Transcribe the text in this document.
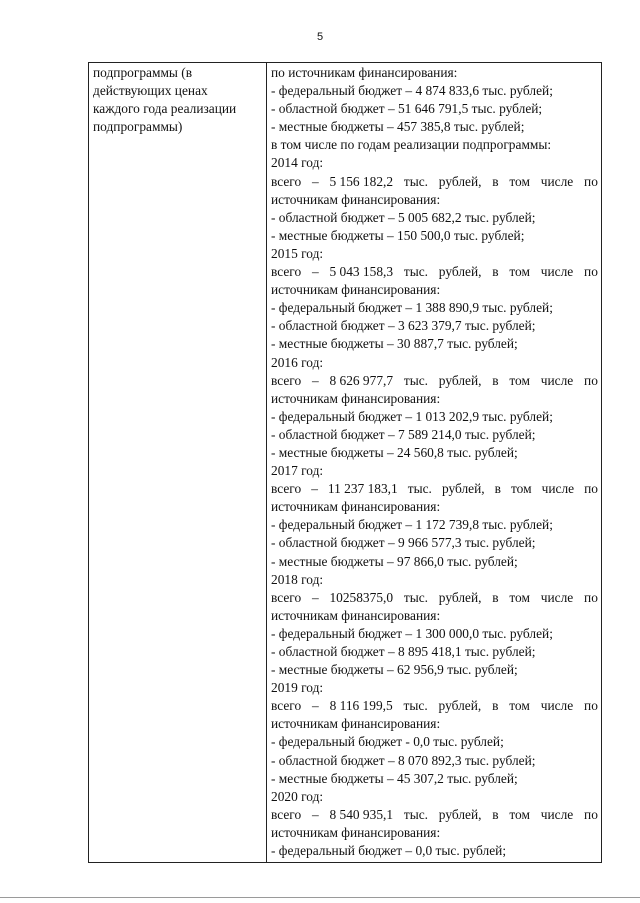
5
подпрограммы (в
действующих ценах
каждого года реализации
подпрограммы)

по источникам финансирования:
- федеральный бюджет – 4 874 833,6 тыс. рублей;
- областной бюджет – 51 646 791,5 тыс. рублей;
- местные бюджеты – 457 385,8 тыс. рублей;
в том числе по годам реализации подпрограммы:
2014 год:
всего – 5 156 182,2 тыс. рублей, в том числе по
источникам финансирования:
- областной бюджет – 5 005 682,2 тыс. рублей;
- местные бюджеты – 150 500,0 тыс. рублей;
2015 год:
всего – 5 043 158,3 тыс. рублей, в том числе по
источникам финансирования:
- федеральный бюджет – 1 388 890,9 тыс. рублей;
- областной бюджет – 3 623 379,7 тыс. рублей;
- местные бюджеты – 30 887,7 тыс. рублей;
2016 год:
всего – 8 626 977,7 тыс. рублей, в том числе по
источникам финансирования:
- федеральный бюджет – 1 013 202,9 тыс. рублей;
- областной бюджет – 7 589 214,0 тыс. рублей;
- местные бюджеты – 24 560,8 тыс. рублей;
2017 год:
всего – 11 237 183,1 тыс. рублей, в том числе по
источникам финансирования:
- федеральный бюджет – 1 172 739,8 тыс. рублей;
- областной бюджет – 9 966 577,3 тыс. рублей;
- местные бюджеты – 97 866,0 тыс. рублей;
2018 год:
всего – 10258375,0 тыс. рублей, в том числе по
источникам финансирования:
- федеральный бюджет – 1 300 000,0 тыс. рублей;
- областной бюджет – 8 895 418,1 тыс. рублей;
- местные бюджеты – 62 956,9 тыс. рублей;
2019 год:
всего – 8 116 199,5 тыс. рублей, в том числе по
источникам финансирования:
- федеральный бюджет - 0,0 тыс. рублей;
- областной бюджет – 8 070 892,3 тыс. рублей;
- местные бюджеты – 45 307,2 тыс. рублей;
2020 год:
всего – 8 540 935,1 тыс. рублей, в том числе по
источникам финансирования:
- федеральный бюджет – 0,0 тыс. рублей;
